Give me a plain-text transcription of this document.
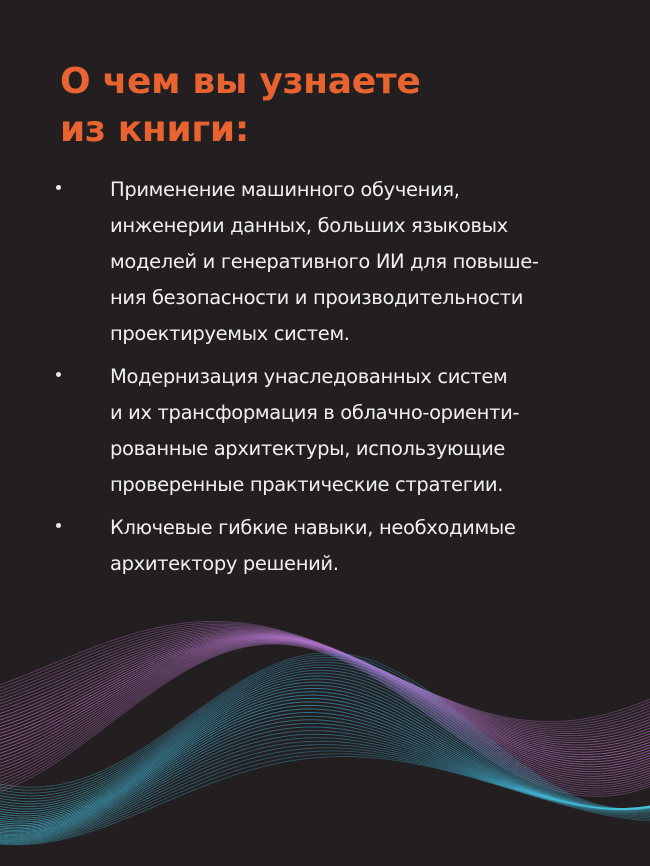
О чем вы узнаете
из книги:
Применение машинного обучения,
инженерии данных, больших языковых
моделей и генеративного ИИ для повыше-
ния безопасности и производительности
проектируемых систем.
Модернизация унаследованных систем
и их трансформация в облачно-ориенти-
рованные архитектуры, использующие
проверенные практические стратегии.
Ключевые гибкие навыки, необходимые
архитектору решений.
